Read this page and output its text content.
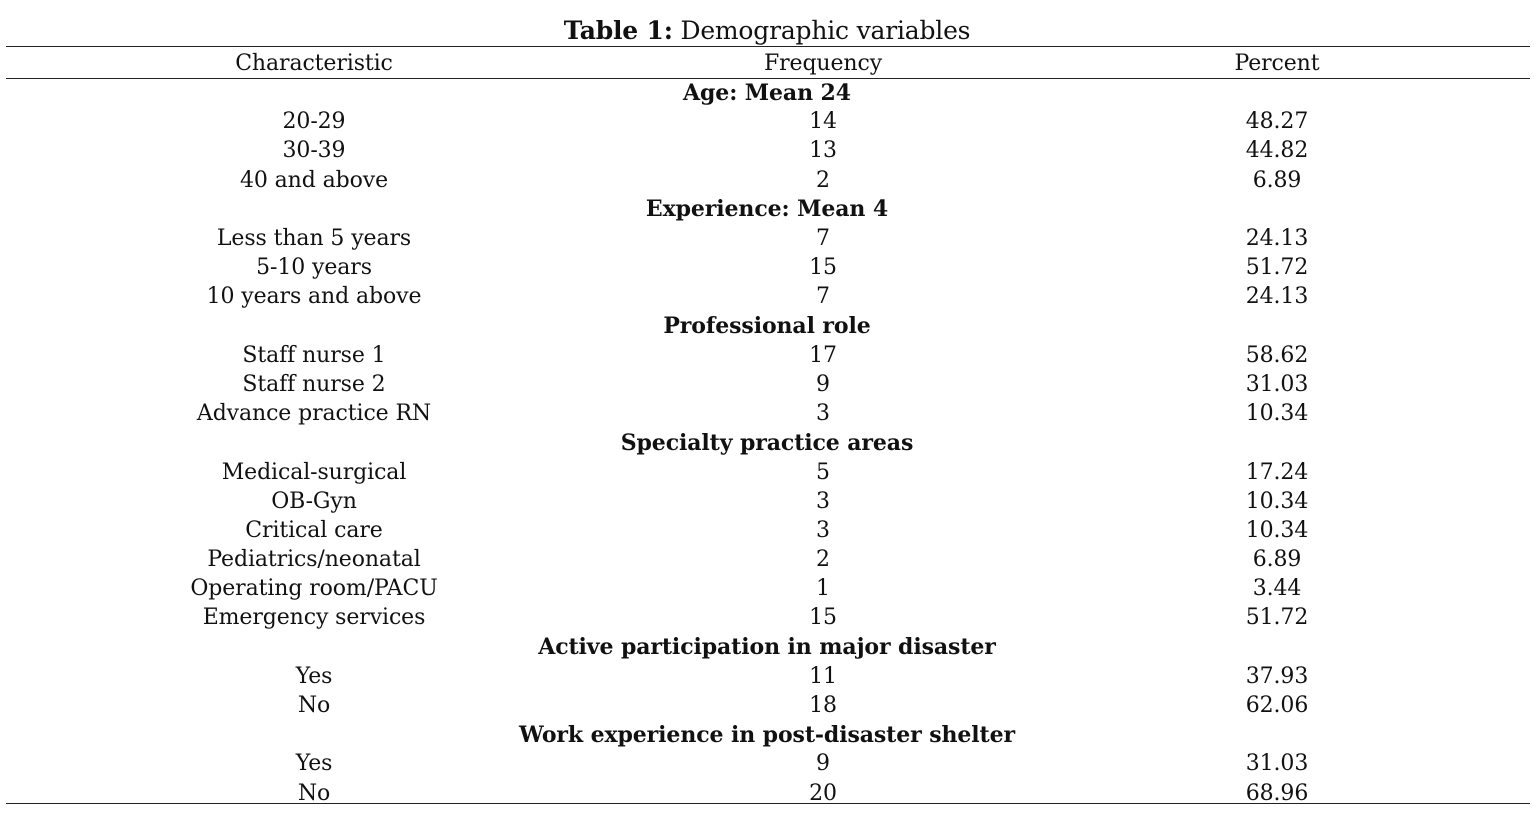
Table 1: Demographic variables
Characteristic	Frequency	Percent
Age: Mean 24
20-29	14	48.27
30-39	13	44.82
40 and above	2	6.89
Experience: Mean 4
Less than 5 years	7	24.13
5-10 years	15	51.72
10 years and above	7	24.13
Professional role
Staff nurse 1	17	58.62
Staff nurse 2	9	31.03
Advance practice RN	3	10.34
Specialty practice areas
Medical-surgical	5	17.24
OB-Gyn	3	10.34
Critical care	3	10.34
Pediatrics/neonatal	2	6.89
Operating room/PACU	1	3.44
Emergency services	15	51.72
Active participation in major disaster
Yes	11	37.93
No	18	62.06
Work experience in post-disaster shelter
Yes	9	31.03
No	20	68.96
